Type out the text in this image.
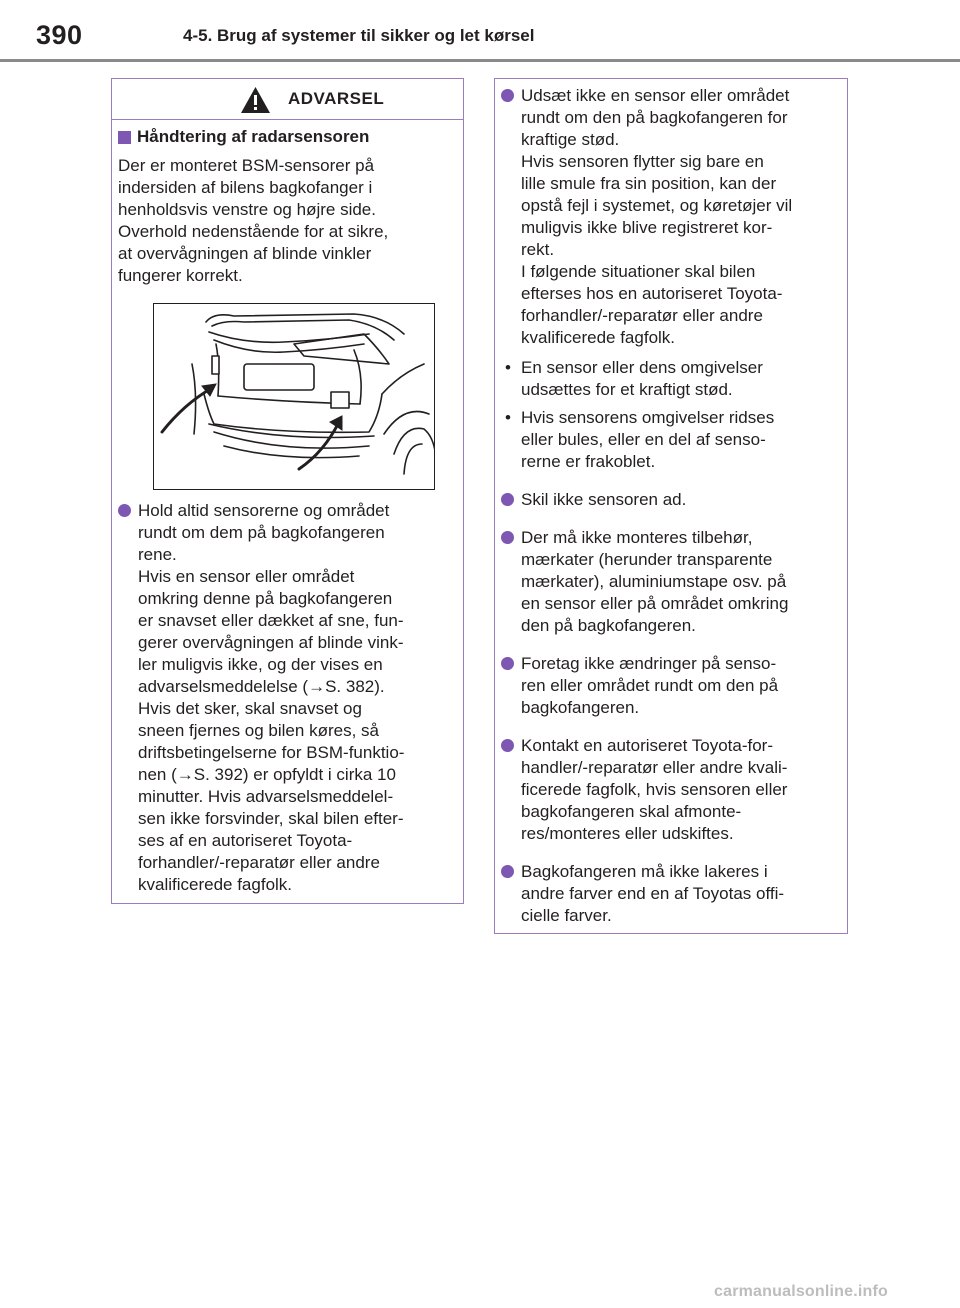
390	4-5. Brug af systemer til sikker og let kørsel
ADVARSEL
Håndtering af radarsensoren
Der er monteret BSM-sensorer på
indersiden af bilens bagkofanger i
henholdsvis venstre og højre side.
Overhold nedenstående for at sikre,
at overvågningen af blinde vinkler
fungerer korrekt.
Hold altid sensorerne og området
rundt om dem på bagkofangeren
rene.
Hvis en sensor eller området
omkring denne på bagkofangeren
er snavset eller dækket af sne, fun-
gerer overvågningen af blinde vink-
ler muligvis ikke, og der vises en
advarselsmeddelelse (→S. 382).
Hvis det sker, skal snavset og
sneen fjernes og bilen køres, så
driftsbetingelserne for BSM-funktio-
nen (→S. 392) er opfyldt i cirka 10
minutter. Hvis advarselsmeddelel-
sen ikke forsvinder, skal bilen efter-
ses af en autoriseret Toyota-
forhandler/-reparatør eller andre
kvalificerede fagfolk.
Udsæt ikke en sensor eller området
rundt om den på bagkofangeren for
kraftige stød.
Hvis sensoren flytter sig bare en
lille smule fra sin position, kan der
opstå fejl i systemet, og køretøjer vil
muligvis ikke blive registreret kor-
rekt.
I følgende situationer skal bilen
efterses hos en autoriseret Toyota-
forhandler/-reparatør eller andre
kvalificerede fagfolk.
• En sensor eller dens omgivelser
udsættes for et kraftigt stød.
• Hvis sensorens omgivelser ridses
eller bules, eller en del af senso-
rerne er frakoblet.
Skil ikke sensoren ad.
Der må ikke monteres tilbehør,
mærkater (herunder transparente
mærkater), aluminiumstape osv. på
en sensor eller på området omkring
den på bagkofangeren.
Foretag ikke ændringer på senso-
ren eller området rundt om den på
bagkofangeren.
Kontakt en autoriseret Toyota-for-
handler/-reparatør eller andre kvali-
ficerede fagfolk, hvis sensoren eller
bagkofangeren skal afmonte-
res/monteres eller udskiftes.
Bagkofangeren må ikke lakeres i
andre farver end en af Toyotas offi-
cielle farver.
carmanualsonline.info
